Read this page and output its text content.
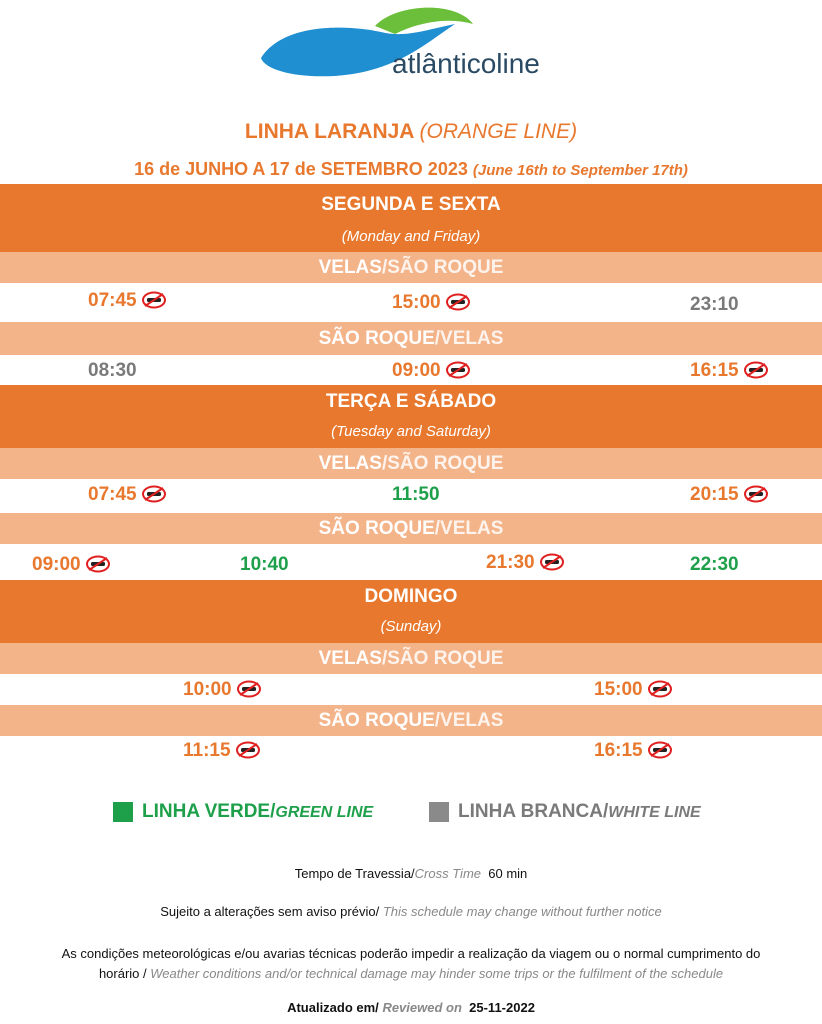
atlânticoline
LINHA LARANJA (ORANGE LINE)
16 de JUNHO A 17 de SETEMBRO 2023 (June 16th to September 17th)
SEGUNDA E SEXTA
(Monday and Friday)
VELAS/SÃO ROQUE
07:45	15:00	23:10
SÃO ROQUE/VELAS
08:30	09:00	16:15
TERÇA E SÁBADO
(Tuesday and Saturday)
VELAS/SÃO ROQUE
07:45	11:50	20:15
SÃO ROQUE/VELAS
09:00	10:40	21:30	22:30
DOMINGO
(Sunday)
VELAS/SÃO ROQUE
10:00	15:00
SÃO ROQUE/VELAS
11:15	16:15
LINHA VERDE/GREEN LINE	LINHA BRANCA/WHITE LINE
Tempo de Travessia/Cross Time 60 min
Sujeito a alterações sem aviso prévio/ This schedule may change without further notice
As condições meteorológicas e/ou avarias técnicas poderão impedir a realização da viagem ou o normal cumprimento do
horário / Weather conditions and/or technical damage may hinder some trips or the fulfilment of the schedule
Atualizado em/ Reviewed on 25-11-2022
